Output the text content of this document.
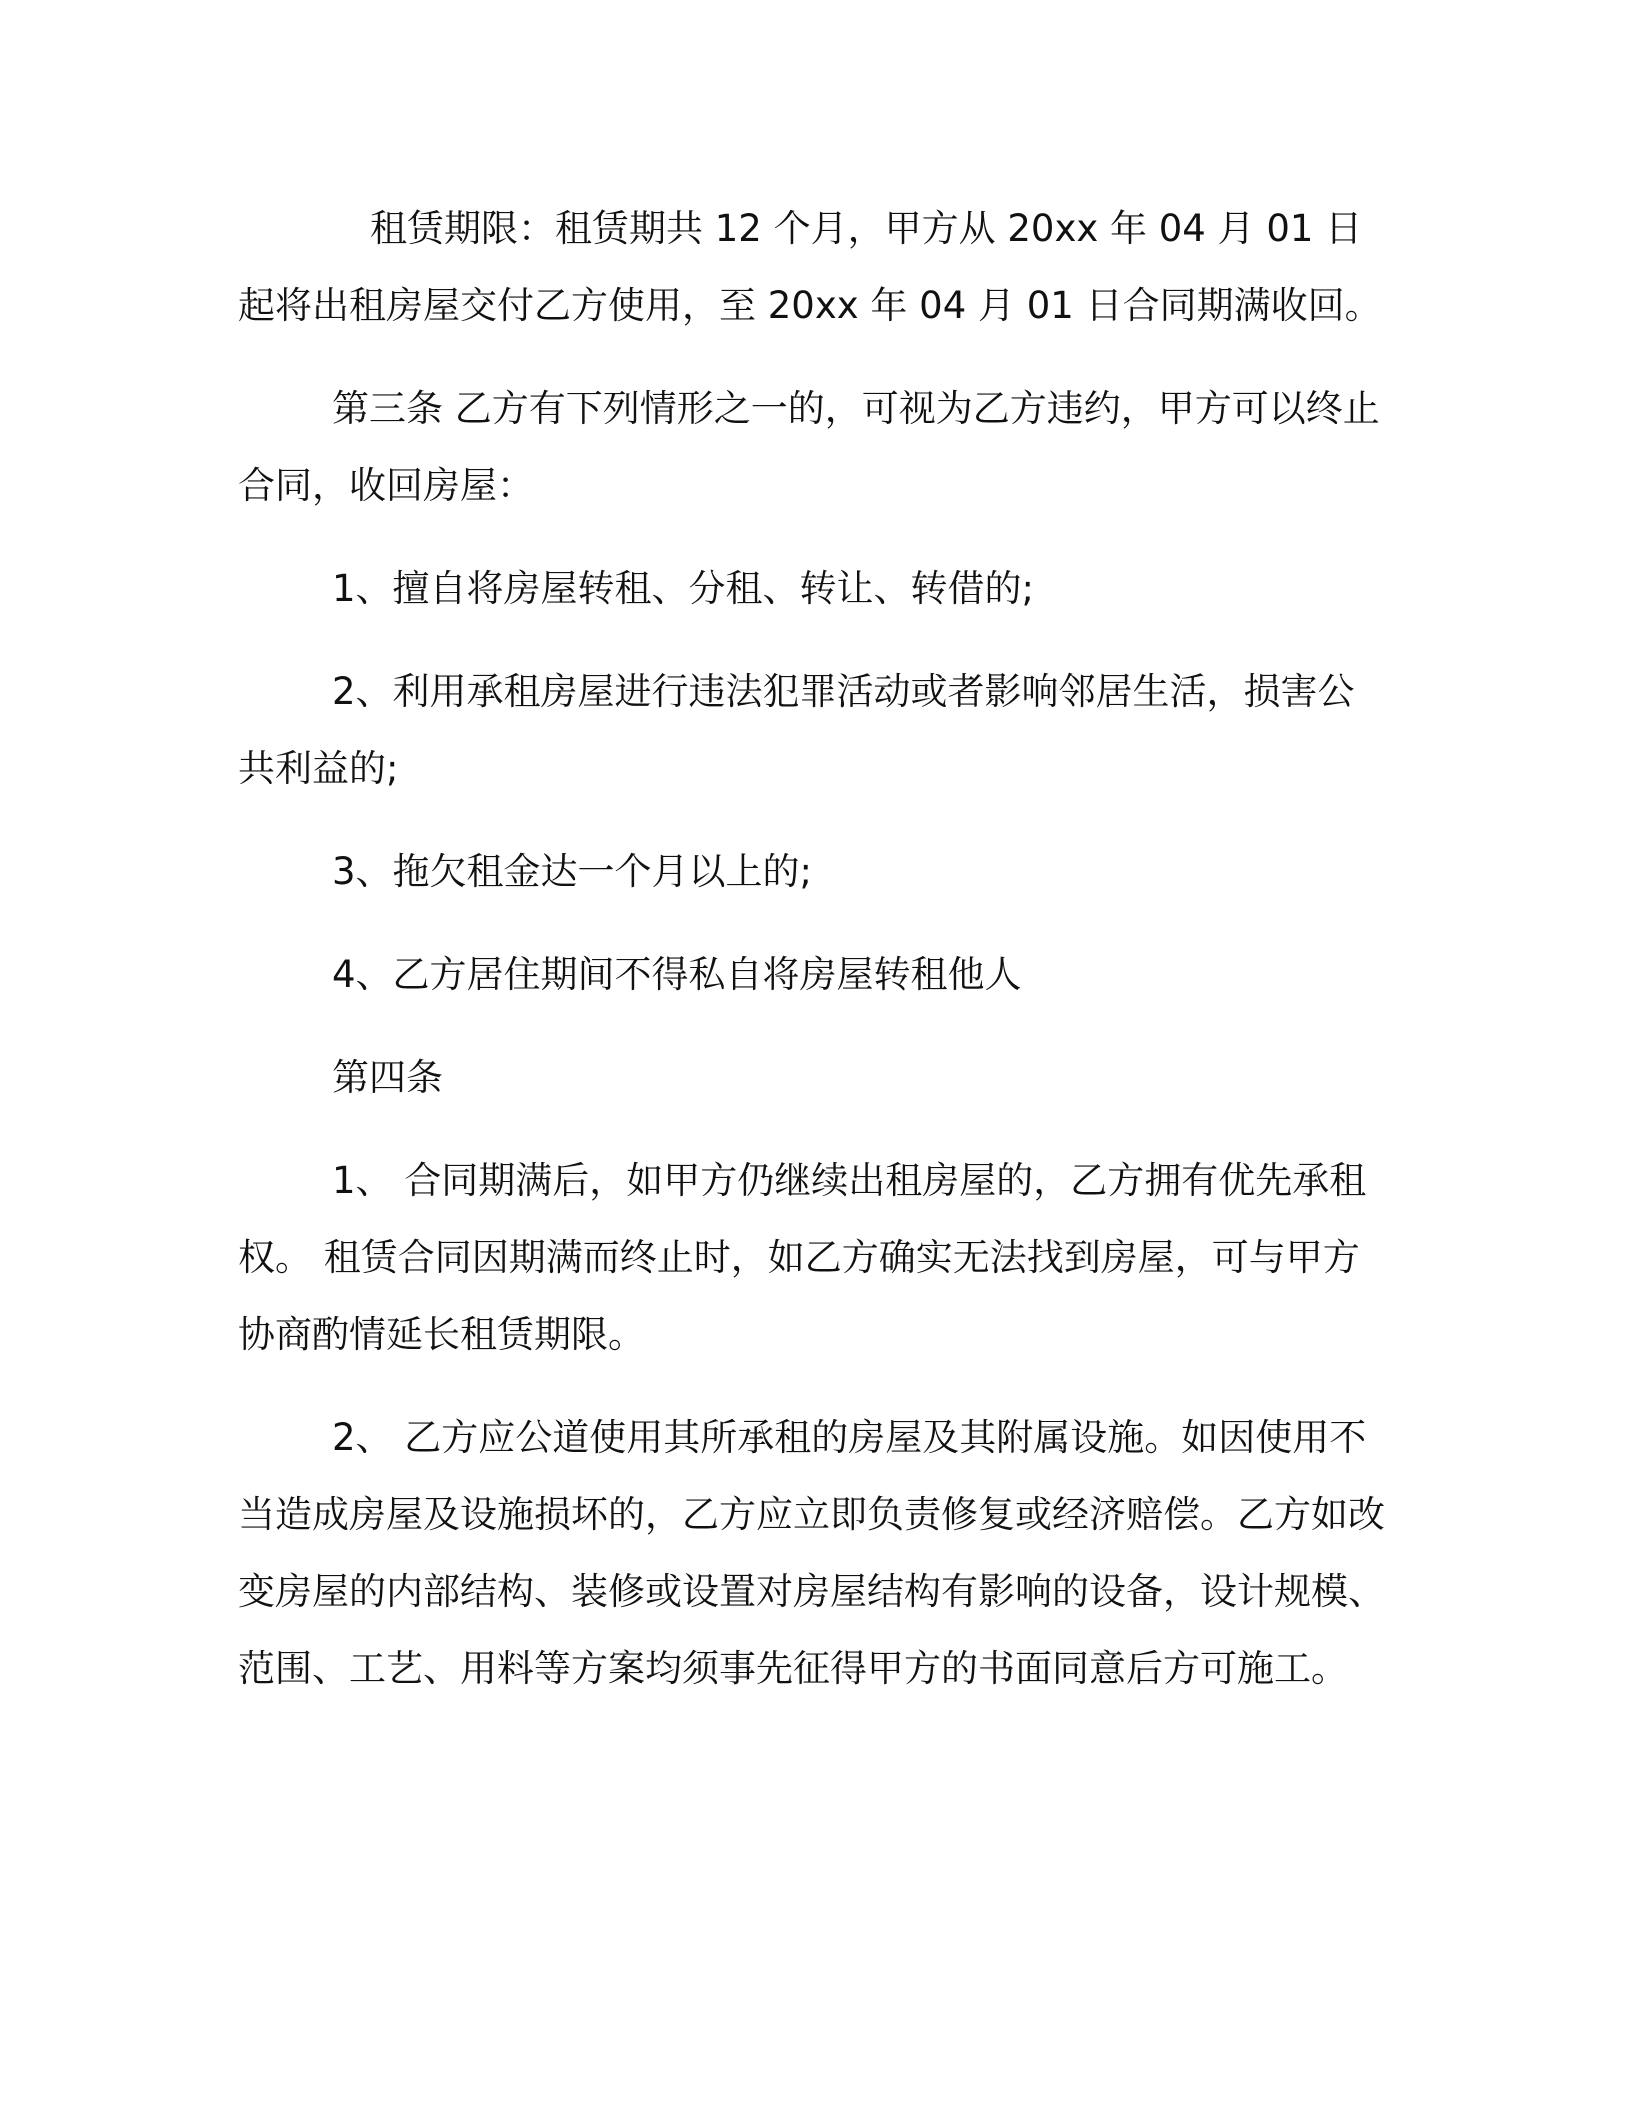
租赁期限：租赁期共 12 个月，甲方从 20xx 年 04 月 01 日起将出租房屋交付乙方使用，至 20xx 年 04 月 01 日合同期满收回。

第三条 乙方有下列情形之一的，可视为乙方违约，甲方可以终止合同，收回房屋：

1、擅自将房屋转租、分租、转让、转借的;

2、利用承租房屋进行违法犯罪活动或者影响邻居生活，损害公共利益的;

3、拖欠租金达一个月以上的;

4、乙方居住期间不得私自将房屋转租他人

第四条

1、 合同期满后，如甲方仍继续出租房屋的，乙方拥有优先承租权。 租赁合同因期满而终止时，如乙方确实无法找到房屋，可与甲方协商酌情延长租赁期限。

2、 乙方应公道使用其所承租的房屋及其附属设施。如因使用不当造成房屋及设施损坏的，乙方应立即负责修复或经济赔偿。乙方如改变房屋的内部结构、装修或设置对房屋结构有影响的设备，设计规模、范围、工艺、用料等方案均须事先征得甲方的书面同意后方可施工。
